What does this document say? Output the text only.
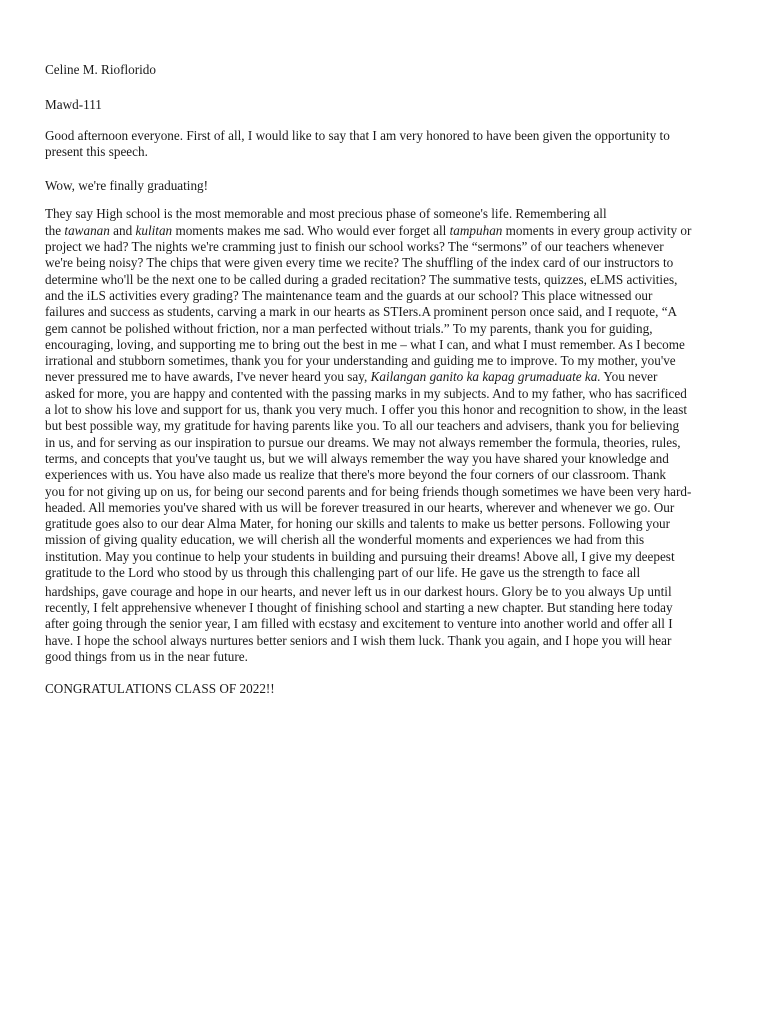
Celine M. Rioflorido
Mawd-111
Good afternoon everyone. First of all, I would like to say that I am very honored to have been given the opportunity to
present this speech.
Wow, we're finally graduating!
They say High school is the most memorable and most precious phase of someone's life. Remembering all
the tawanan and kulitan moments makes me sad. Who would ever forget all tampuhan moments in every group activity or
project we had? The nights we're cramming just to finish our school works? The “sermons” of our teachers whenever
we're being noisy? The chips that were given every time we recite? The shuffling of the index card of our instructors to
determine who'll be the next one to be called during a graded recitation? The summative tests, quizzes, eLMS activities,
and the iLS activities every grading? The maintenance team and the guards at our school? This place witnessed our
failures and success as students, carving a mark in our hearts as STIers.A prominent person once said, and I requote, “A
gem cannot be polished without friction, nor a man perfected without trials.” To my parents, thank you for guiding,
encouraging, loving, and supporting me to bring out the best in me – what I can, and what I must remember. As I become
irrational and stubborn sometimes, thank you for your understanding and guiding me to improve. To my mother, you've
never pressured me to have awards, I've never heard you say, Kailangan ganito ka kapag grumaduate ka. You never
asked for more, you are happy and contented with the passing marks in my subjects. And to my father, who has sacrificed
a lot to show his love and support for us, thank you very much. I offer you this honor and recognition to show, in the least
but best possible way, my gratitude for having parents like you. To all our teachers and advisers, thank you for believing
in us, and for serving as our inspiration to pursue our dreams. We may not always remember the formula, theories, rules,
terms, and concepts that you've taught us, but we will always remember the way you have shared your knowledge and
experiences with us. You have also made us realize that there's more beyond the four corners of our classroom. Thank
you for not giving up on us, for being our second parents and for being friends though sometimes we have been very hard-
headed. All memories you've shared with us will be forever treasured in our hearts, wherever and whenever we go. Our
gratitude goes also to our dear Alma Mater, for honing our skills and talents to make us better persons. Following your
mission of giving quality education, we will cherish all the wonderful moments and experiences we had from this
institution. May you continue to help your students in building and pursuing their dreams! Above all, I give my deepest
gratitude to the Lord who stood by us through this challenging part of our life. He gave us the strength to face all
hardships, gave courage and hope in our hearts, and never left us in our darkest hours. Glory be to you always Up until
recently, I felt apprehensive whenever I thought of finishing school and starting a new chapter. But standing here today
after going through the senior year, I am filled with ecstasy and excitement to venture into another world and offer all I
have. I hope the school always nurtures better seniors and I wish them luck. Thank you again, and I hope you will hear
good things from us in the near future.
CONGRATULATIONS CLASS OF 2022!!
